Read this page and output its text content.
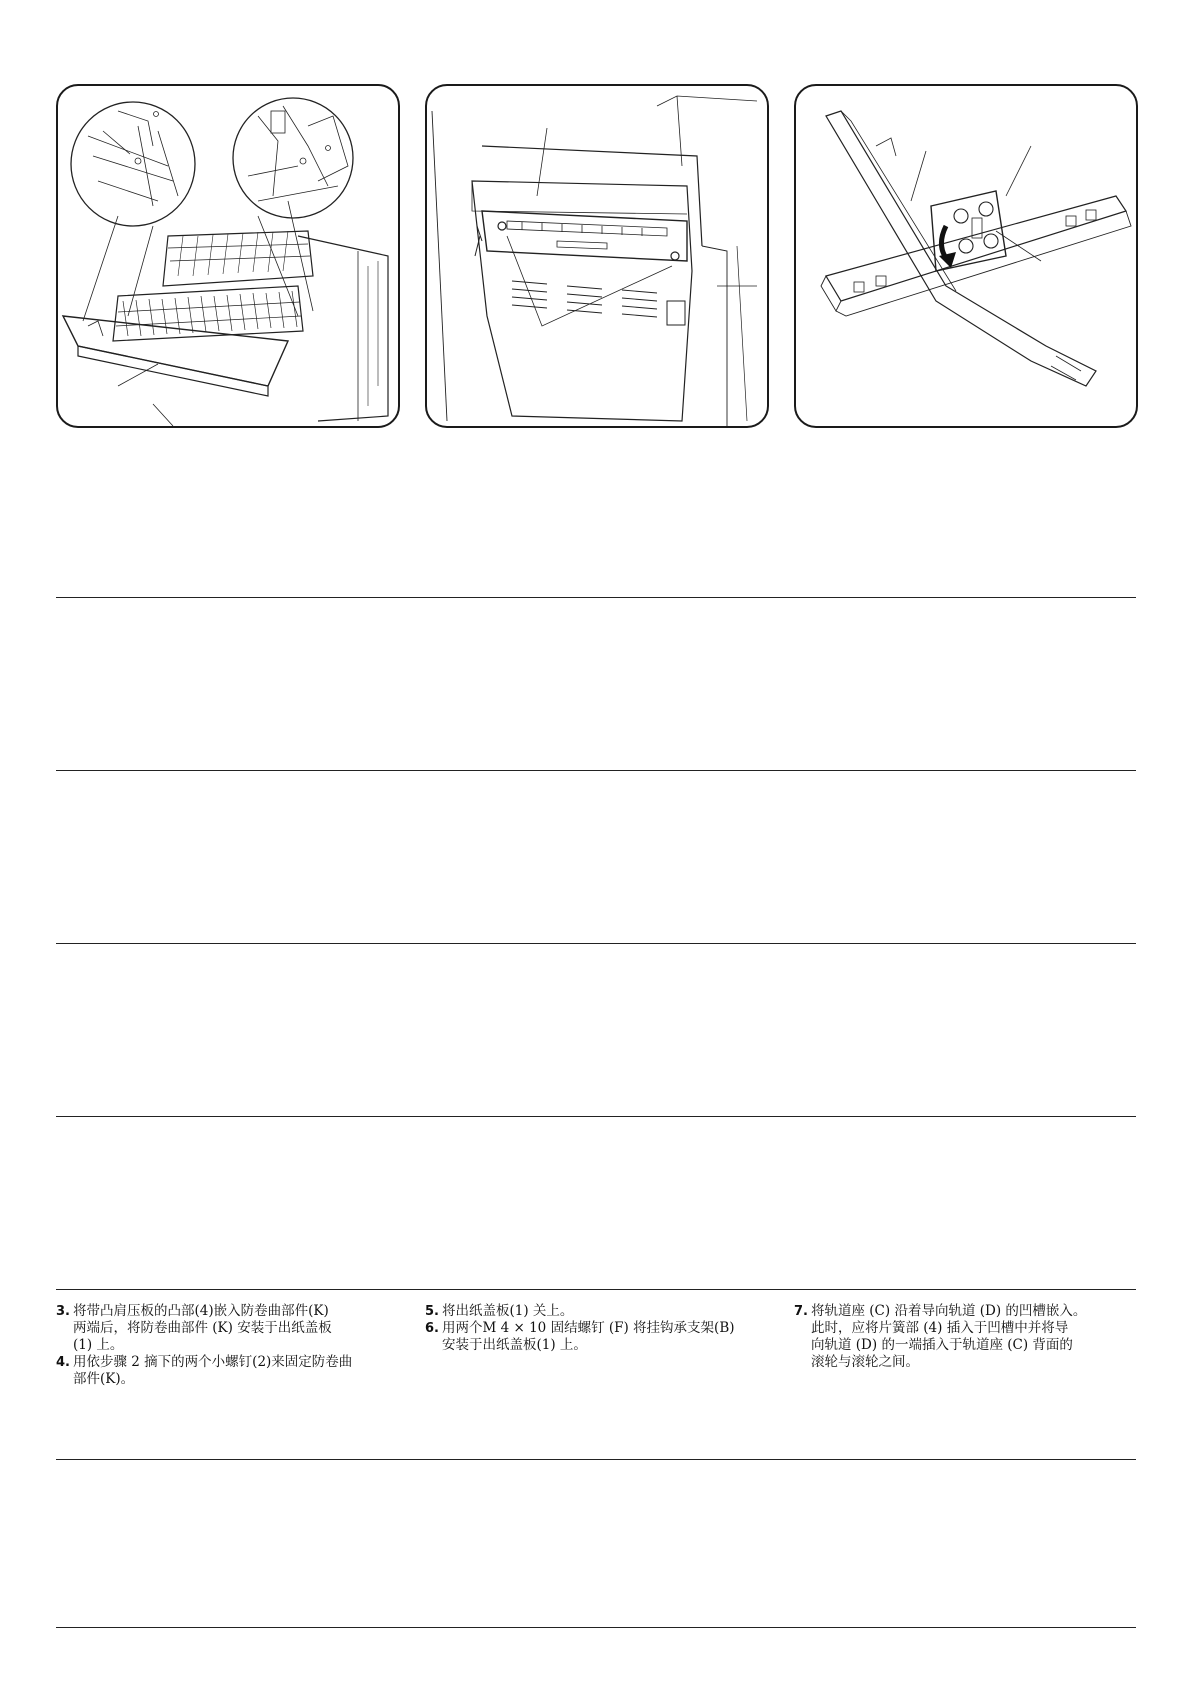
3. 将带凸肩压板的凸部(4)嵌入防卷曲部件(K)
两端后，将防卷曲部件 (K) 安装于出纸盖板
(1) 上。
4. 用依步骤 2 摘下的两个小螺钉(2)来固定防卷曲
部件(K)。
5. 将出纸盖板(1) 关上。
6. 用两个M 4 × 10 固结螺钉 (F) 将挂钩承支架(B)
安装于出纸盖板(1) 上。
7. 将轨道座 (C) 沿着导向轨道 (D) 的凹槽嵌入。
此时，应将片簧部 (4) 插入于凹槽中并将导
向轨道 (D) 的一端插入于轨道座 (C) 背面的
滚轮与滚轮之间。
